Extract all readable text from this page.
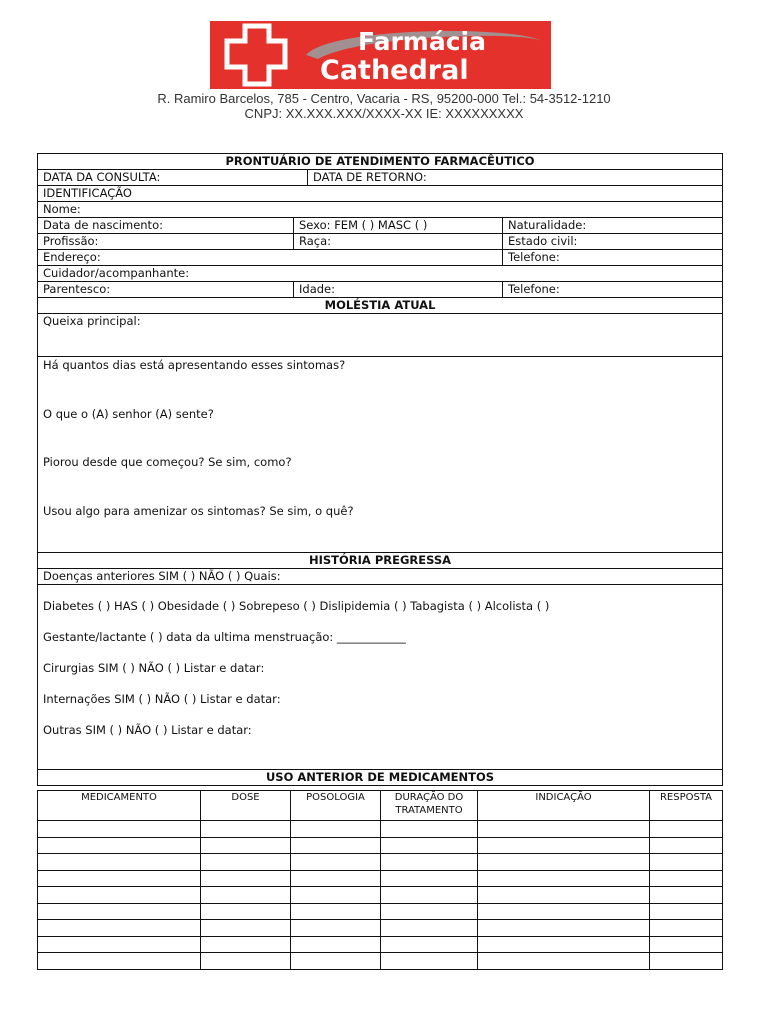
Farmácia
Cathedral
R. Ramiro Barcelos, 785 - Centro, Vacaria - RS, 95200-000 Tel.: 54-3512-1210
CNPJ: XX.XXX.XXX/XXXX-XX IE: XXXXXXXXX
PRONTUÁRIO DE ATENDIMENTO FARMACÊUTICO			
DATA DA CONSULTA:		DATA DE RETORNO:	
IDENTIFICAÇÃO			
Nome:			
Data de nascimento:	Sexo: FEM ( ) MASC ( )		Naturalidade:
Profissão:	Raça:		Estado civil:
Endereço:			Telefone:
Cuidador/acompanhante:			
Parentesco:	Idade:		Telefone:
MOLÉSTIA ATUAL			
Queixa principal:			

Há quantos dias está apresentando esses sintomas?
O que o (A) senhor (A) sente?
Piorou desde que começou? Se sim, como?
Usou algo para amenizar os sintomas? Se sim, o quê?			

HISTÓRIA PREGRESSA			
Doenças anteriores SIM ( ) NÃO ( ) Quais:			

Diabetes ( ) HAS ( ) Obesidade ( ) Sobrepeso ( ) Dislipidemia ( ) Tabagista ( ) Alcolista ( )
Gestante/lactante ( ) data da ultima menstruação: ____________
Cirurgias SIM ( ) NÃO ( ) Listar e datar:
Internações SIM ( ) NÃO ( ) Listar e datar:
Outras SIM ( ) NÃO ( ) Listar e datar:			

USO ANTERIOR DE MEDICAMENTOS			
MEDICAMENTO	DOSE	POSOLOGIA	DURAÇÃO DO TRATAMENTO	INDICAÇÃO	RESPOSTA
